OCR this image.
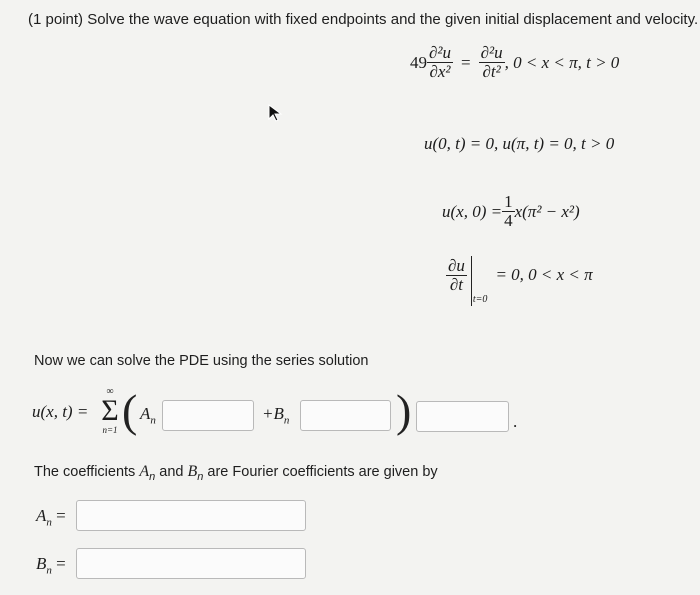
(1 point) Solve the wave equation with fixed endpoints and the given initial displacement and velocity.
$49 \frac{\text{∂²u}}{\text{∂x²}} = \frac{\text{∂²u}}{\text{∂t²}}$ , 0 < x < π, t > 0
u(0, t) = 0, u(π, t) = 0, t > 0
u(x, $0) = \frac{1}{4} x(\pi^2 - x^2)$
$\frac{\partial u}{\partial t}$
t=0
= 0, 0 < x < π
Now we can solve the PDE using the series solution
u(x, t) =
∞
Σ
n=1 ( $A_n$	$+B_n$ )	.
The coefficients $A_n$ and $B_n$ are Fourier coefficients are given by
$A_n$ =
$B_n$ =
